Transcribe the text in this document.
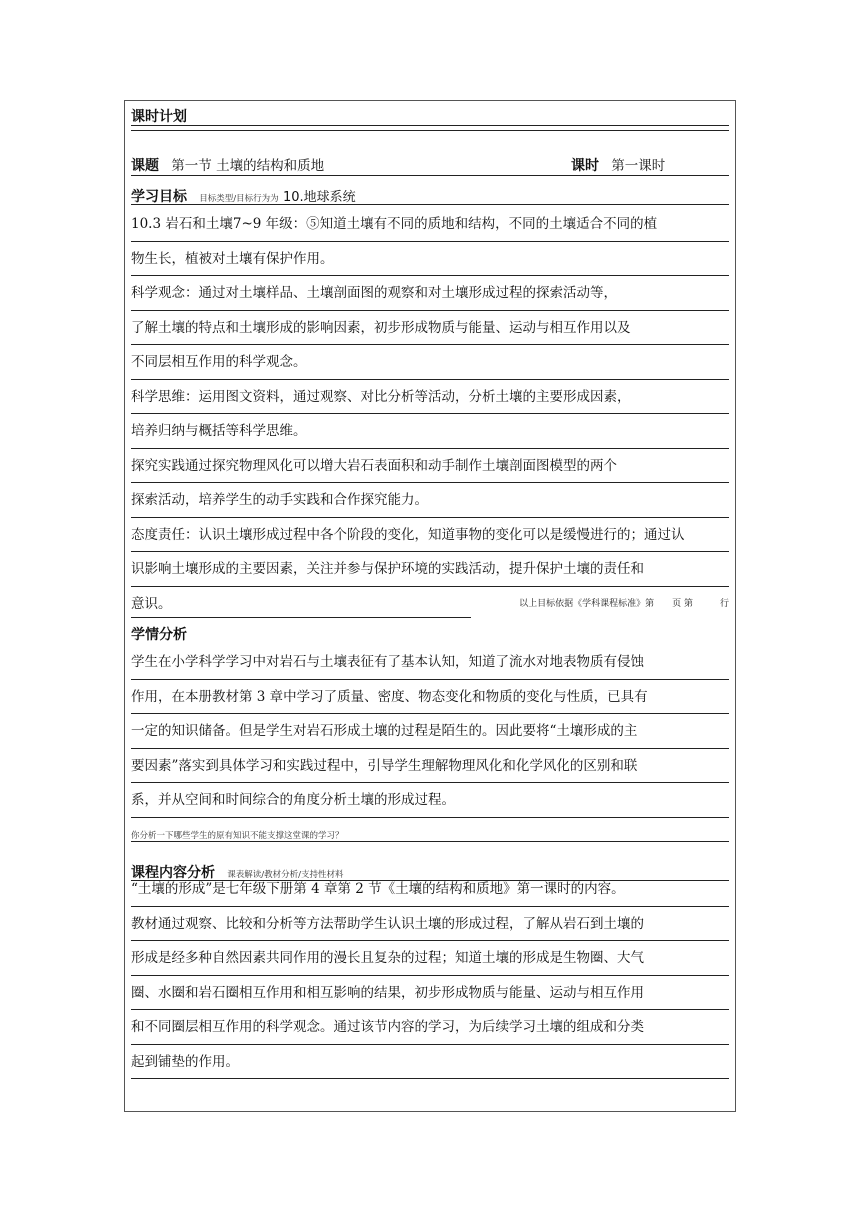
课时计划
课题 第一节 土壤的结构和质地	课时 第一课时
学习目标 目标类型/目标行为为 10.地球系统
10.3 岩石和土壤7~9 年级：⑤知道土壤有不同的质地和结构，不同的土壤适合不同的植
物生长，植被对土壤有保护作用。
科学观念：通过对土壤样品、土壤剖面图的观察和对土壤形成过程的探索活动等，
了解土壤的特点和土壤形成的影响因素，初步形成物质与能量、运动与相互作用以及
不同层相互作用的科学观念。
科学思维：运用图文资料，通过观察、对比分析等活动，分析土壤的主要形成因素，
培养归纳与概括等科学思维。
探究实践通过探究物理风化可以增大岩石表面积和动手制作土壤剖面图模型的两个
探索活动，培养学生的动手实践和合作探究能力。
态度责任：认识土壤形成过程中各个阶段的变化，知道事物的变化可以是缓慢进行的；通过认
识影响土壤形成的主要因素，关注并参与保护环境的实践活动，提升保护土壤的责任和
意识。	以上目标依据《学科课程标准》第　　页 第　　　行
学情分析
学生在小学科学学习中对岩石与土壤表征有了基本认知，知道了流水对地表物质有侵蚀
作用，在本册教材第 3 章中学习了质量、密度、物态变化和物质的变化与性质，已具有
一定的知识储备。但是学生对岩石形成土壤的过程是陌生的。因此要将“土壤形成的主
要因素”落实到具体学习和实践过程中，引导学生理解物理风化和化学风化的区别和联
系，并从空间和时间综合的角度分析土壤的形成过程。
你分析一下哪些学生的原有知识不能支撑这堂课的学习？
课程内容分析 课表解读/教材分析/支持性材料
“土壤的形成”是七年级下册第 4 章第 2 节《土壤的结构和质地》第一课时的内容。
教材通过观察、比较和分析等方法帮助学生认识土壤的形成过程，了解从岩石到土壤的
形成是经多种自然因素共同作用的漫长且复杂的过程；知道土壤的形成是生物圈、大气
圈、水圈和岩石圈相互作用和相互影响的结果，初步形成物质与能量、运动与相互作用
和不同圈层相互作用的科学观念。通过该节内容的学习，为后续学习土壤的组成和分类
起到铺垫的作用。
